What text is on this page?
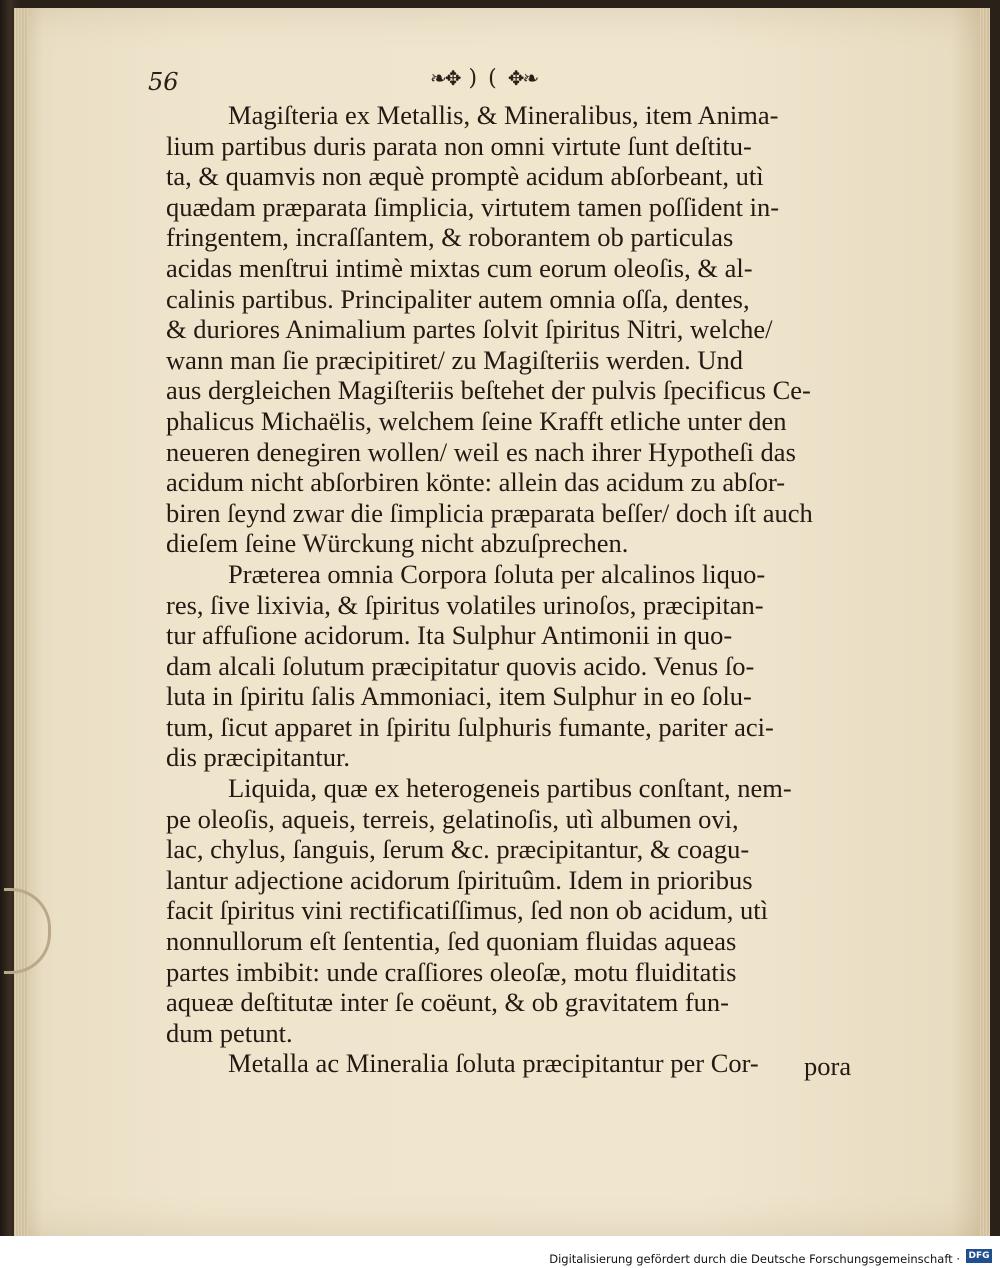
56	❧✥ ) ( ✥❧

Magiſteria ex Metallis, & Mineralibus, item Anima-
lium partibus duris parata non omni virtute ſunt deſtitu-
ta, & quamvis non æquè promptè acidum abſorbeant, utì
quædam præparata ſimplicia, virtutem tamen poſſident in-
fringentem, incraſſantem, & roborantem ob particulas
acidas menſtrui intimè mixtas cum eorum oleoſis, & al-
calinis partibus. Principaliter autem omnia oſſa, dentes,
& duriores Animalium partes ſolvit ſpiritus Nitri, welche/
wann man ſie præcipitiret/ zu Magiſteriis werden. Und
aus dergleichen Magiſteriis beſtehet der pulvis ſpecificus Ce-
phalicus Michaëlis, welchem ſeine Krafft etliche unter den
neueren denegiren wollen/ weil es nach ihrer Hypotheſi das
acidum nicht abſorbiren könte: allein das acidum zu abſor-
biren ſeynd zwar die ſimplicia præparata beſſer/ doch iſt auch
dieſem ſeine Würckung nicht abzuſprechen.

Præterea omnia Corpora ſoluta per alcalinos liquo-
res, ſive lixivia, & ſpiritus volatiles urinoſos, præcipitan-
tur affuſione acidorum. Ita Sulphur Antimonii in quo-
dam alcali ſolutum præcipitatur quovis acido. Venus ſo-
luta in ſpiritu ſalis Ammoniaci, item Sulphur in eo ſolu-
tum, ſicut apparet in ſpiritu ſulphuris fumante, pariter aci-
dis præcipitantur.

Liquida, quæ ex heterogeneis partibus conſtant, nem-
pe oleoſis, aqueis, terreis, gelatinoſis, utì albumen ovi,
lac, chylus, ſanguis, ſerum &c. præcipitantur, & coagu-
lantur adjectione acidorum ſpirituûm. Idem in prioribus
facit ſpiritus vini rectificatiſſimus, ſed non ob acidum, utì
nonnullorum eſt ſententia, ſed quoniam fluidas aqueas
partes imbibit: unde craſſiores oleoſæ, motu fluiditatis
aqueæ deſtitutæ inter ſe coëunt, & ob gravitatem fun-
dum petunt.

Metalla ac Mineralia ſoluta præcipitantur per Cor-	pora
Digitalisierung gefördert durch die Deutsche Forschungsgemeinschaft · DFG
